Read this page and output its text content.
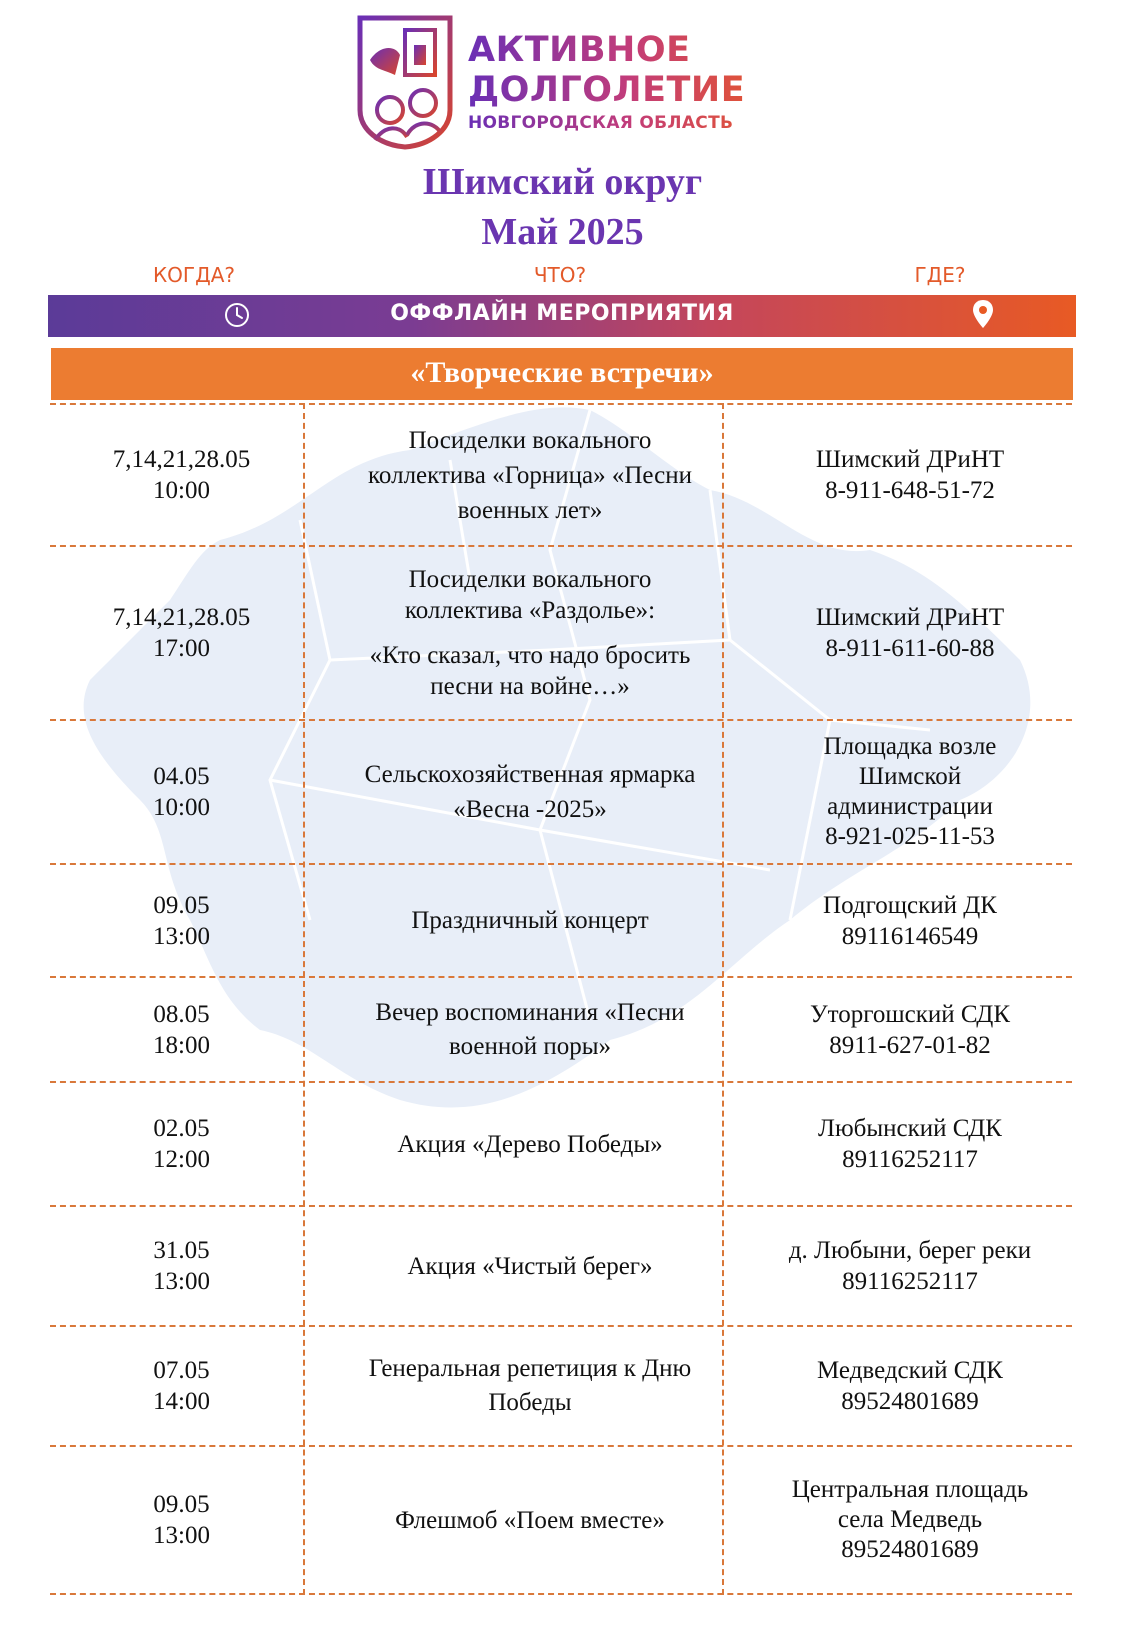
АКТИВНОЕ
ДОЛГОЛЕТИЕ
НОВГОРОДСКАЯ ОБЛАСТЬ
Шимский округ
Май 2025
КОГДА?	ЧТО?	ГДЕ?
ОФФЛАЙН МЕРОПРИЯТИЯ
«Творческие встречи»
7,14,21,28.05
10:00
Посиделки вокального
коллектива «Горница» «Песни
военных лет»
Шимский ДРиНТ
8-911-648-51-72
7,14,21,28.05
17:00
Посиделки вокального
коллектива «Раздолье»:
«Кто сказал, что надо бросить
песни на войне…»
Шимский ДРиНТ
8-911-611-60-88
04.05
10:00
Сельскохозяйственная ярмарка
«Весна -2025»
Площадка возле
Шимской
администрации
8-921-025-11-53
09.05
13:00
Праздничный концерт
Подгощский ДК
89116146549
08.05
18:00
Вечер воспоминания «Песни
военной поры»
Уторгошский СДК
8911-627-01-82
02.05
12:00
Акция «Дерево Победы»
Любынский СДК
89116252117
31.05
13:00
Акция «Чистый берег»
д. Любыни, берег реки
89116252117
07.05
14:00
Генеральная репетиция к Дню
Победы
Медведский СДК
89524801689
09.05
13:00
Флешмоб «Поем вместе»
Центральная площадь
села Медведь
89524801689
